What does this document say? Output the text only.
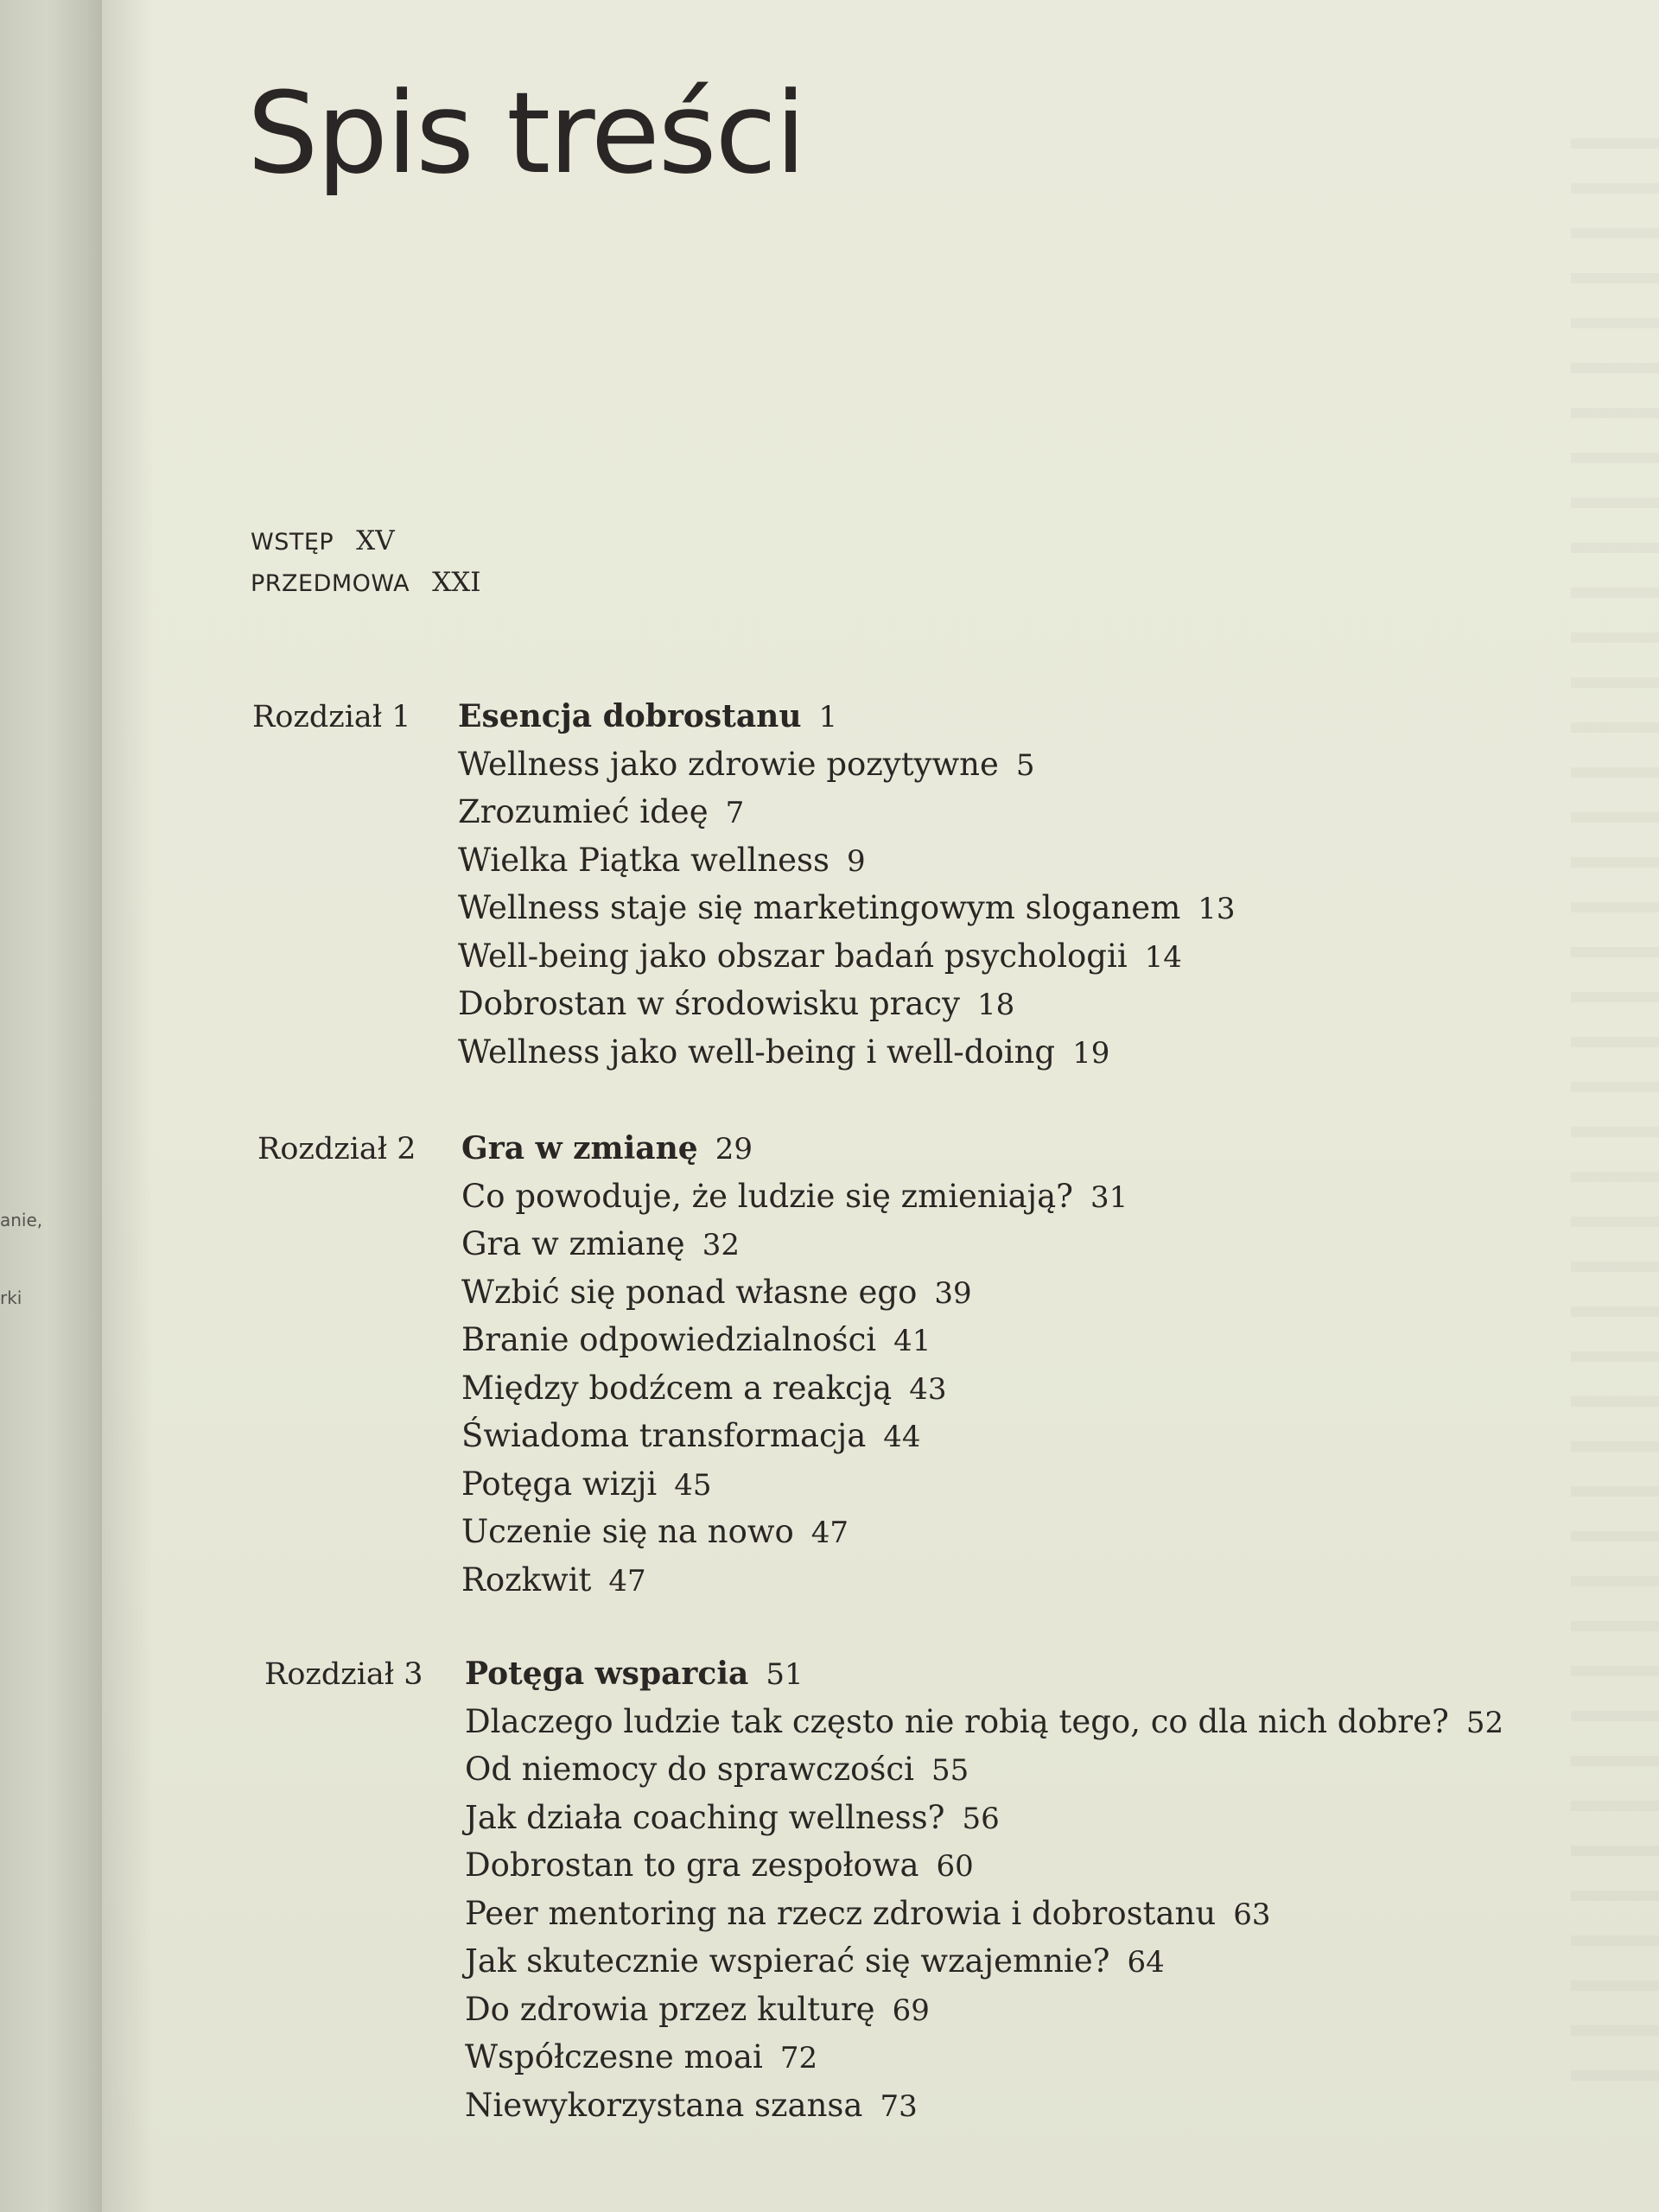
anie,
rki
Spis treści
WSTĘP XV
PRZEDMOWA XXI
Rozdział 1 Esencja dobrostanu 1
Wellness jako zdrowie pozytywne 5
Zrozumieć ideę 7
Wielka Piątka wellness 9
Wellness staje się marketingowym sloganem 13
Well-being jako obszar badań psychologii 14
Dobrostan w środowisku pracy 18
Wellness jako well-being i well-doing 19
Rozdział 2 Gra w zmianę 29
Co powoduje, że ludzie się zmieniają? 31
Gra w zmianę 32
Wzbić się ponad własne ego 39
Branie odpowiedzialności 41
Między bodźcem a reakcją 43
Świadoma transformacja 44
Potęga wizji 45
Uczenie się na nowo 47
Rozkwit 47
Rozdział 3 Potęga wsparcia 51
Dlaczego ludzie tak często nie robią tego, co dla nich dobre? 52
Od niemocy do sprawczości 55
Jak działa coaching wellness? 56
Dobrostan to gra zespołowa 60
Peer mentoring na rzecz zdrowia i dobrostanu 63
Jak skutecznie wspierać się wzajemnie? 64
Do zdrowia przez kulturę 69
Współczesne moai 72
Niewykorzystana szansa 73
